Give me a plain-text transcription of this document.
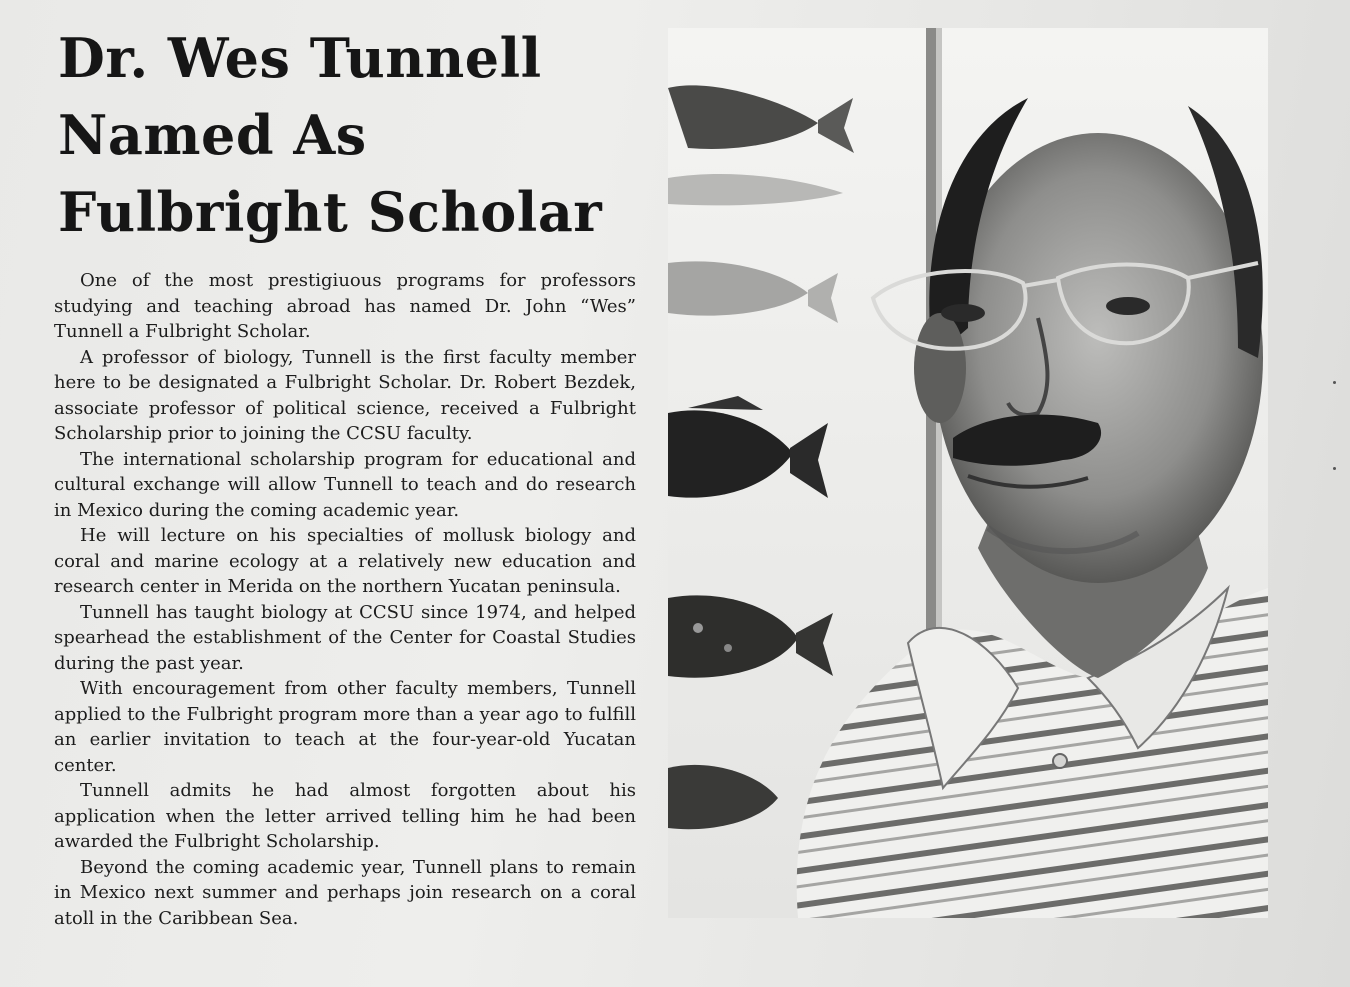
Dr. Wes Tunnell
Named As
Fulbright Scholar

One of the most prestigiuous programs for professors studying and teaching abroad has named Dr. John “Wes” Tunnell a Fulbright Scholar.

A professor of biology, Tunnell is the first faculty member here to be designated a Fulbright Scholar. Dr. Robert Bezdek, associate professor of political science, received a Fulbright Scholarship prior to joining the CCSU faculty.

The international scholarship program for educational and cultural exchange will allow Tunnell to teach and do research in Mexico during the coming academic year.

He will lecture on his specialties of mollusk biology and coral and marine ecology at a relatively new education and research center in Merida on the northern Yucatan peninsula.

Tunnell has taught biology at CCSU since 1974, and helped spearhead the establishment of the Center for Coastal Studies during the past year.

With encouragement from other faculty members, Tunnell applied to the Fulbright program more than a year ago to fulfill an earlier invitation to teach at the four-year-old Yucatan center.

Tunnell admits he had almost forgotten about his application when the letter arrived telling him he had been awarded the Fulbright Scholarship.

Beyond the coming academic year, Tunnell plans to remain in Mexico next summer and perhaps join research on a coral atoll in the Caribbean Sea.
